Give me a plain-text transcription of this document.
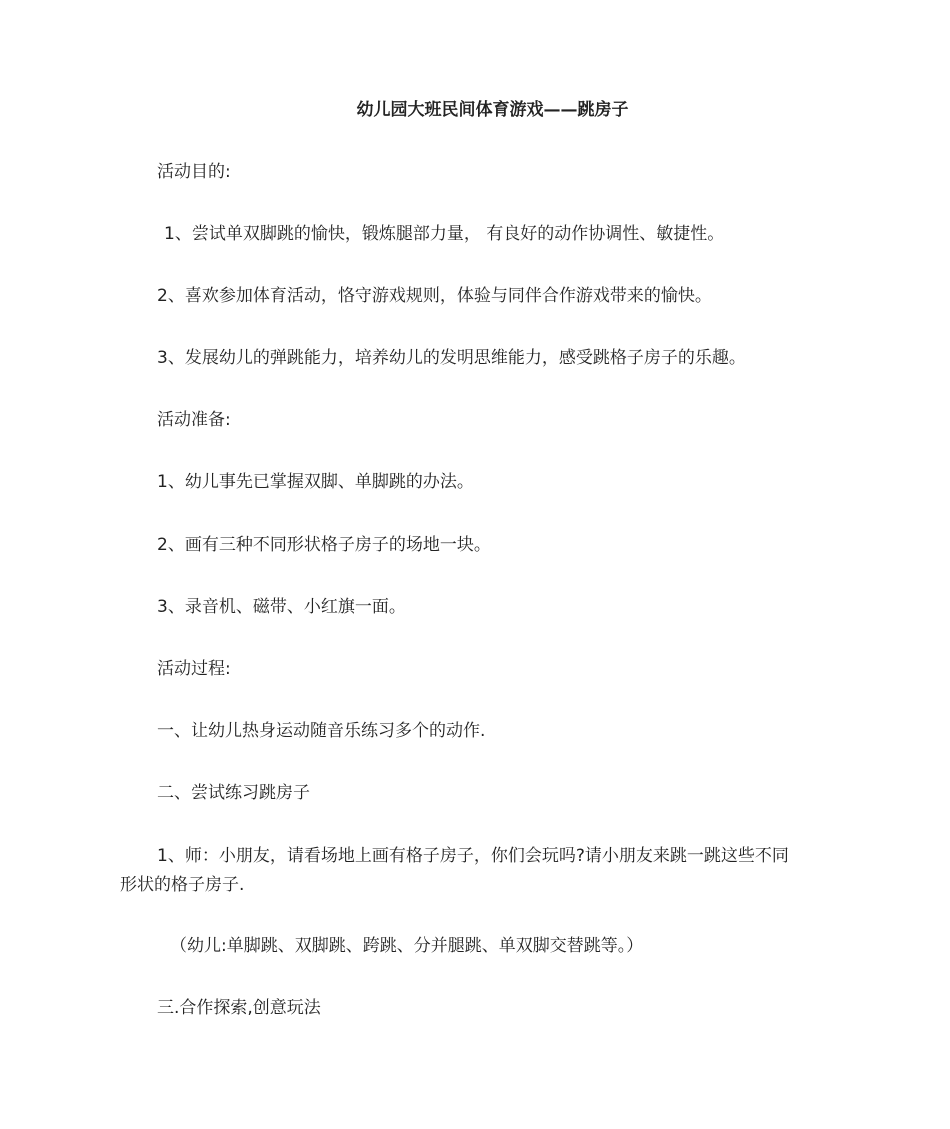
幼儿园大班民间体育游戏——跳房子
活动目的:
1、尝试单双脚跳的愉快，锻炼腿部力量， 有良好的动作协调性、敏捷性。
2、喜欢参加体育活动，恪守游戏规则，体验与同伴合作游戏带来的愉快。
3、发展幼儿的弹跳能力，培养幼儿的发明思维能力，感受跳格子房子的乐趣。
活动准备:
1、幼儿事先已掌握双脚、单脚跳的办法。
2、画有三种不同形状格子房子的场地一块。
3、录音机、磁带、小红旗一面。
活动过程:
一、让幼儿热身运动随音乐练习多个的动作.
二、尝试练习跳房子
1、师：小朋友，请看场地上画有格子房子，你们会玩吗?请小朋友来跳一跳这些不同
形状的格子房子.
（幼儿:单脚跳、双脚跳、跨跳、分并腿跳、单双脚交替跳等。）
三.合作探索,创意玩法
